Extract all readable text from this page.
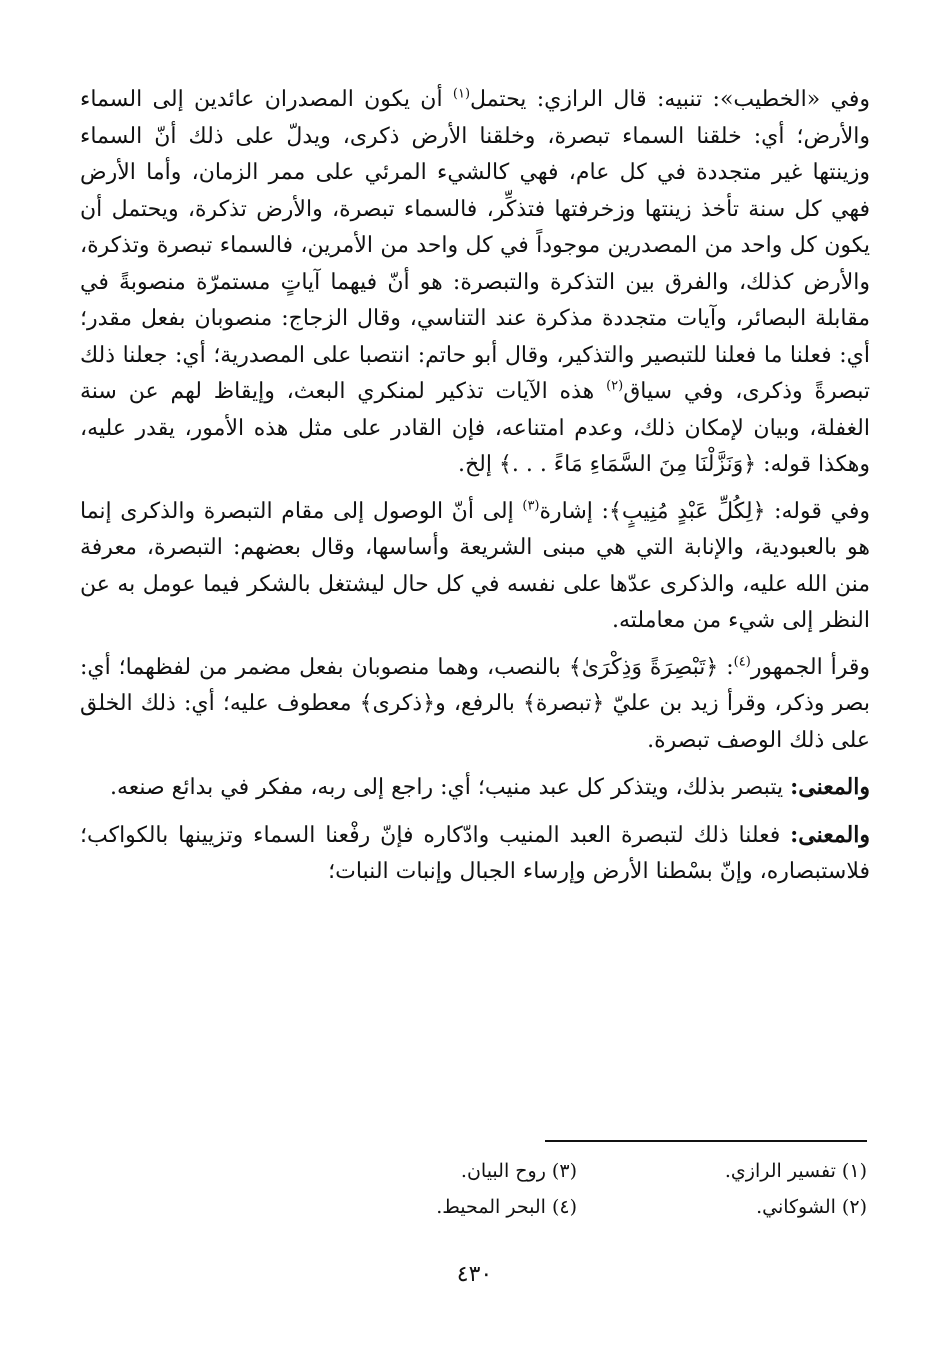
وفي «الخطيب»: تنبيه: قال الرازي: يحتمل$^{(١)}$ أن يكون المصدران عائدين إلى السماء والأرض؛ أي: خلقنا السماء تبصرة، وخلقنا الأرض ذكرى، ويدلّ على ذلك أنّ السماء وزينتها غير متجددة في كل عام، فهي كالشيء المرئي على ممر الزمان، وأما الأرض فهي كل سنة تأخذ زينتها وزخرفتها فتذكِّر، فالسماء تبصرة، والأرض تذكرة، ويحتمل أن يكون كل واحد من المصدرين موجوداً في كل واحد من الأمرين، فالسماء تبصرة وتذكرة، والأرض كذلك، والفرق بين التذكرة والتبصرة: هو أنّ فيهما آياتٍ مستمرّة منصوبةً في مقابلة البصائر، وآيات متجددة مذكرة عند التناسي، وقال الزجاج: منصوبان بفعل مقدر؛ أي: فعلنا ما فعلنا للتبصير والتذكير، وقال أبو حاتم: انتصبا على المصدرية؛ أي: جعلنا ذلك تبصرةً وذكرى، وفي سياق$^{(٢)}$ هذه الآيات تذكير لمنكري البعث، وإيقاظ لهم عن سنة الغفلة، وبيان لإمكان ذلك، وعدم امتناعه، فإن القادر على مثل هذه الأمور، يقدر عليه، وهكذا قوله: ﴿وَنَزَّلْنَا مِنَ السَّمَاءِ مَاءً . . .﴾ إلخ.

وفي قوله: ﴿لِكُلِّ عَبْدٍ مُنِيبٍ﴾: إشارة$^{(٣)}$ إلى أنّ الوصول إلى مقام التبصرة والذكرى إنما هو بالعبودية، والإنابة التي هي مبنى الشريعة وأساسها، وقال بعضهم: التبصرة، معرفة منن الله عليه، والذكرى عدّها على نفسه في كل حال ليشتغل بالشكر فيما عومل به عن النظر إلى شيء من معاملته.

وقرأ الجمهور$^{(٤)}$: ﴿تَبْصِرَةً وَذِكْرَىٰ﴾ بالنصب، وهما منصوبان بفعل مضمر من لفظهما؛ أي: بصر وذكر، وقرأ زيد بن عليّ ﴿تبصرة﴾ بالرفع، و﴿ذكرى﴾ معطوف عليه؛ أي: ذلك الخلق على ذلك الوصف تبصرة.

والمعنى: يتبصر بذلك، ويتذكر كل عبد منيب؛ أي: راجع إلى ربه، مفكر في بدائع صنعه.

والمعنى: فعلنا ذلك لتبصرة العبد المنيب وادّكاره فإنّ رفْعنا السماء وتزيينها بالكواكب؛ فلاستبصاره، وإنّ بسْطنا الأرض وإرساء الجبال وإنبات النبات؛

(١) تفسير الرازي.
(٣) روح البيان.
(٢) الشوكاني.
(٤) البحر المحيط.
٤٣٠
